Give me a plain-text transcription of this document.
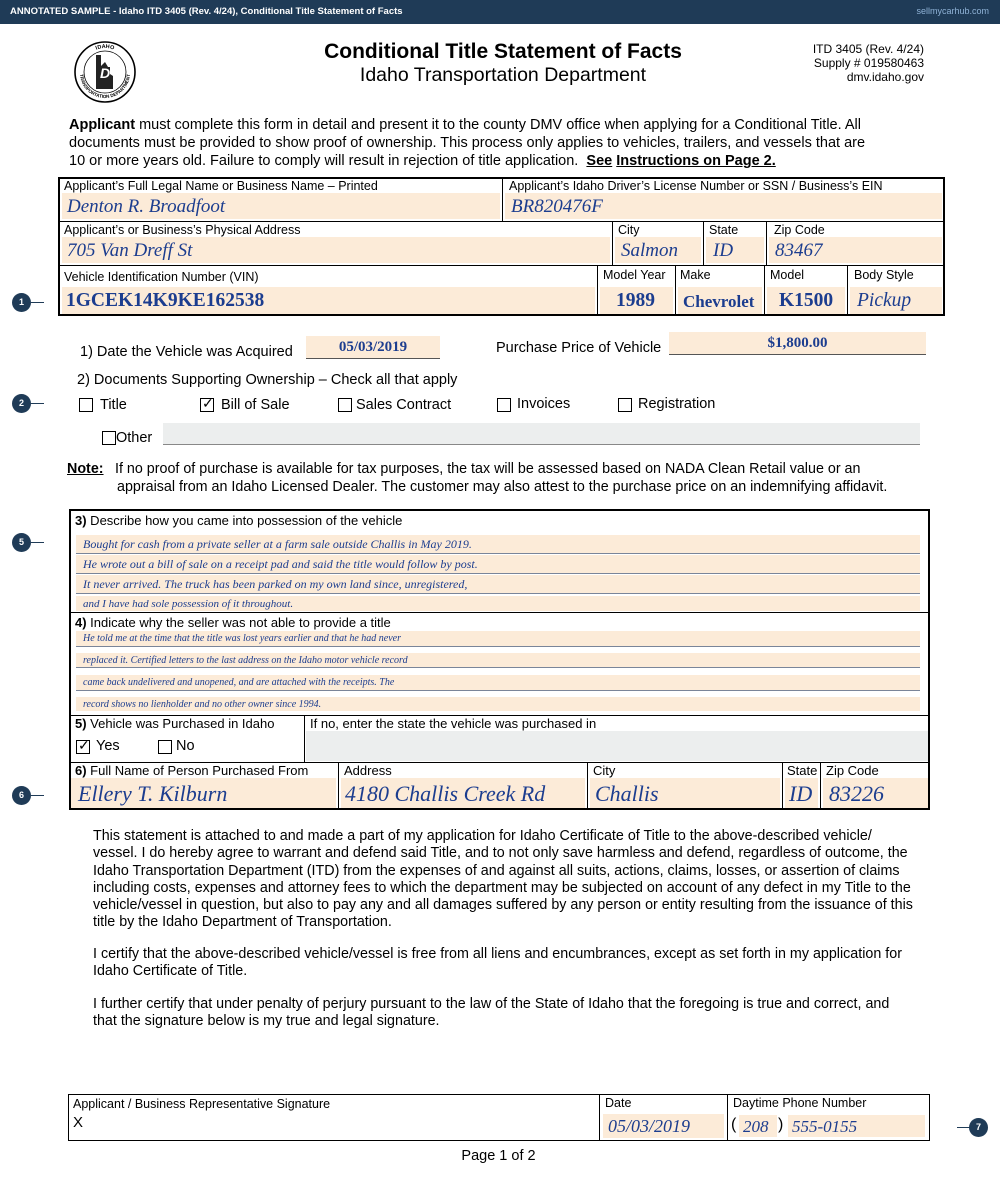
ANNOTATED SAMPLE - Idaho ITD 3405 (Rev. 4/24), Conditional Title Statement of Facts	sellmycarhub.com
D
IDAHO
TRANSPORTATION DEPARTMENT
Conditional Title Statement of Facts
Idaho Transportation Department
ITD 3405 (Rev. 4/24)
Supply # 019580463
dmv.idaho.gov
Applicant must complete this form in detail and present it to the county DMV office when applying for a Conditional Title. All documents must be provided to show proof of ownership. This process only applies to vehicles, trailers, and vessels that are 10 or more years old. Failure to comply will result in rejection of title application. See Instructions on Page 2.
Applicant’s Full Legal Name or Business Name – Printed
Denton R. Broadfoot
Applicant’s Idaho Driver’s License Number or SSN / Business’s EIN
BR820476F
Applicant’s or Business’s Physical Address
705 Van Dreff St
City
Salmon
State
ID
Zip Code
83467
Vehicle Identification Number (VIN)
1GCEK14K9KE162538
Model Year
1989
Make
Chevrolet
Model
K1500
Body Style
Pickup
1) Date the Vehicle was Acquired	05/03/2019	Purchase Price of Vehicle	$1,800.00
2) Documents Supporting Ownership – Check all that apply
Title	✓ Bill of Sale	Sales Contract	Invoices	Registration
Other
Note: If no proof of purchase is available for tax purposes, the tax will be assessed based on NADA Clean Retail value or an
appraisal from an Idaho Licensed Dealer. The customer may also attest to the purchase price on an indemnifying affidavit.
3) Describe how you came into possession of the vehicle
Bought for cash from a private seller at a farm sale outside Challis in May 2019.
He wrote out a bill of sale on a receipt pad and said the title would follow by post.
It never arrived. The truck has been parked on my own land since, unregistered,
and I have had sole possession of it throughout.
4) Indicate why the seller was not able to provide a title
He told me at the time that the title was lost years earlier and that he had never
replaced it. Certified letters to the last address on the Idaho motor vehicle record
came back undelivered and unopened, and are attached with the receipts. The
record shows no lienholder and no other owner since 1994.
5) Vehicle was Purchased in Idaho
✓ Yes	No
If no, enter the state the vehicle was purchased in
6) Full Name of Person Purchased From
Ellery T. Kilburn
Address
4180 Challis Creek Rd
City
Challis
State
ID
Zip Code
83226

This statement is attached to and made a part of my application for Idaho Certificate of Title to the above-described vehicle/ vessel. I do hereby agree to warrant and defend said Title, and to not only save harmless and defend, regardless of outcome, the Idaho Transportation Department (ITD) from the expenses of and against all suits, actions, claims, losses, or assertion of claims including costs, expenses and attorney fees to which the department may be subjected on account of any defect in my Title to the vehicle/vessel in question, but also to pay any and all damages suffered by any person or entity resulting from the issuance of this title by the Idaho Department of Transportation.

I certify that the above-described vehicle/vessel is free from all liens and encumbrances, except as set forth in my application for Idaho Certificate of Title.

I further certify that under penalty of perjury pursuant to the law of the State of Idaho that the foregoing is true and correct, and that the signature below is my true and legal signature.

Applicant / Business Representative Signature
X
Date
05/03/2019
Daytime Phone Number
( 208 ) 555-0155
Page 1 of 2
1
2
5
6
7
